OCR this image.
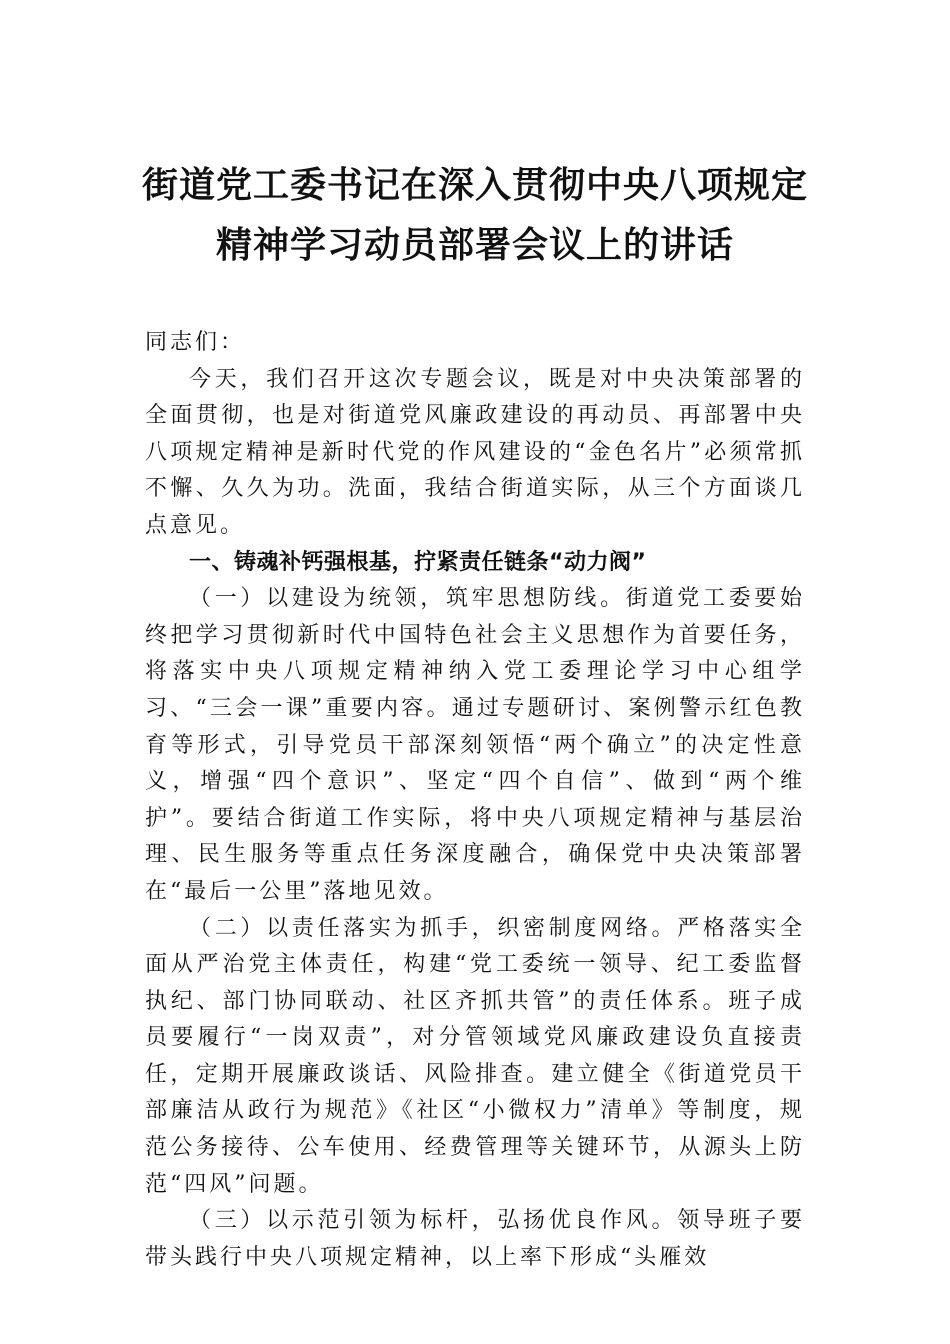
街道党工委书记在深入贯彻中央八项规定
精神学习动员部署会议上的讲话

同志们：

今天，我们召开这次专题会议，既是对中央决策部署的全面贯彻，也是对街道党风廉政建设的再动员、再部署中央八项规定精神是新时代党的作风建设的“金色名片”必须常抓不懈、久久为功。洗面，我结合街道实际，从三个方面谈几点意见。

一、铸魂补钙强根基，拧紧责任链条“动力阀”

（一）以建设为统领，筑牢思想防线。街道党工委要始终把学习贯彻新时代中国特色社会主义思想作为首要任务，将落实中央八项规定精神纳入党工委理论学习中心组学习、“三会一课”重要内容。通过专题研讨、案例警示红色教育等形式，引导党员干部深刻领悟“两个确立”的决定性意义，增强“四个意识”、坚定“四个自信”、做到“两个维护”。要结合街道工作实际，将中央八项规定精神与基层治理、民生服务等重点任务深度融合，确保党中央决策部署在“最后一公里”落地见效。

（二）以责任落实为抓手，织密制度网络。严格落实全面从严治党主体责任，构建“党工委统一领导、纪工委监督执纪、部门协同联动、社区齐抓共管”的责任体系。班子成员要履行“一岗双责”，对分管领域党风廉政建设负直接责任，定期开展廉政谈话、风险排查。建立健全《街道党员干部廉洁从政行为规范》《社区“小微权力”清单》等制度，规范公务接待、公车使用、经费管理等关键环节，从源头上防范“四风”问题。

（三）以示范引领为标杆，弘扬优良作风。领导班子要带头践行中央八项规定精神，以上率下形成“头雁效
